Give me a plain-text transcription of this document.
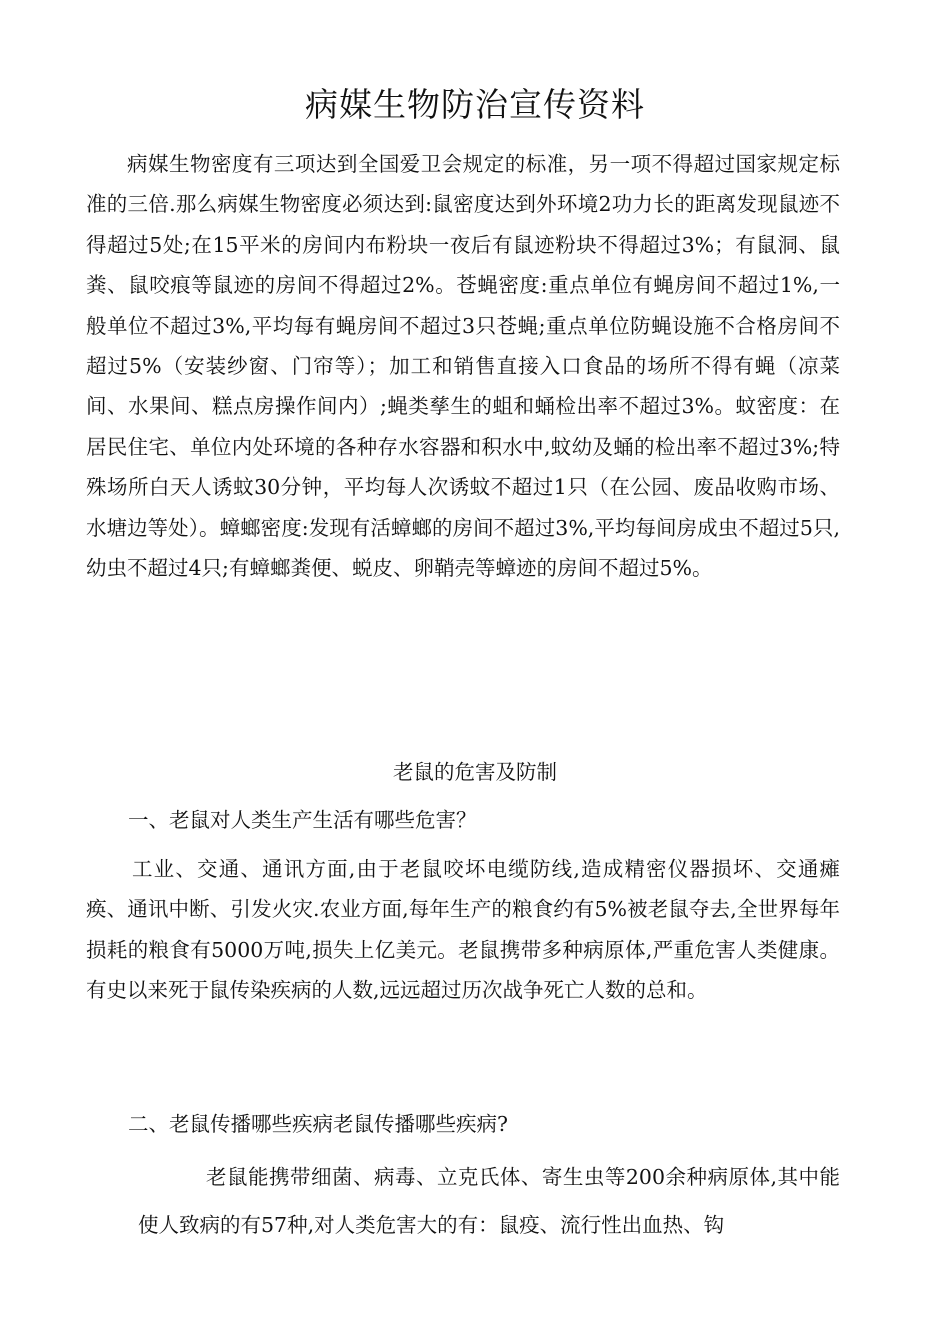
病媒生物防治宣传资料

病媒生物密度有三项达到全国爱卫会规定的标准，另一项不得超过国家规定标准的三倍.那么病媒生物密度必须达到:鼠密度达到外环境2功力长的距离发现鼠迹不得超过5处;在15平米的房间内布粉块一夜后有鼠迹粉块不得超过3%；有鼠洞、鼠粪、鼠咬痕等鼠迹的房间不得超过2%。苍蝇密度:重点单位有蝇房间不超过1%,一般单位不超过3%,平均每有蝇房间不超过3只苍蝇;重点单位防蝇设施不合格房间不超过5%（安装纱窗、门帘等）；加工和销售直接入口食品的场所不得有蝇（凉菜间、水果间、糕点房操作间内）;蝇类孳生的蛆和蛹检出率不超过3%。蚊密度：在居民住宅、单位内处环境的各种存水容器和积水中,蚊幼及蛹的检出率不超过3%;特殊场所白天人诱蚊30分钟，平均每人次诱蚊不超过1只（在公园、废品收购市场、水塘边等处）。蟑螂密度:发现有活蟑螂的房间不超过3%,平均每间房成虫不超过5只,幼虫不超过4只;有蟑螂粪便、蜕皮、卵鞘壳等蟑迹的房间不超过5%。

老鼠的危害及防制
一、老鼠对人类生产生活有哪些危害？

工业、交通、通讯方面,由于老鼠咬坏电缆防线,造成精密仪器损坏、交通瘫痪、通讯中断、引发火灾.农业方面,每年生产的粮食约有5%被老鼠夺去,全世界每年损耗的粮食有5000万吨,损失上亿美元。老鼠携带多种病原体,严重危害人类健康。有史以来死于鼠传染疾病的人数,远远超过历次战争死亡人数的总和。

二、老鼠传播哪些疾病老鼠传播哪些疾病?

老鼠能携带细菌、病毒、立克氏体、寄生虫等200余种病原体,其中能使人致病的有57种,对人类危害大的有：鼠疫、流行性出血热、钩
